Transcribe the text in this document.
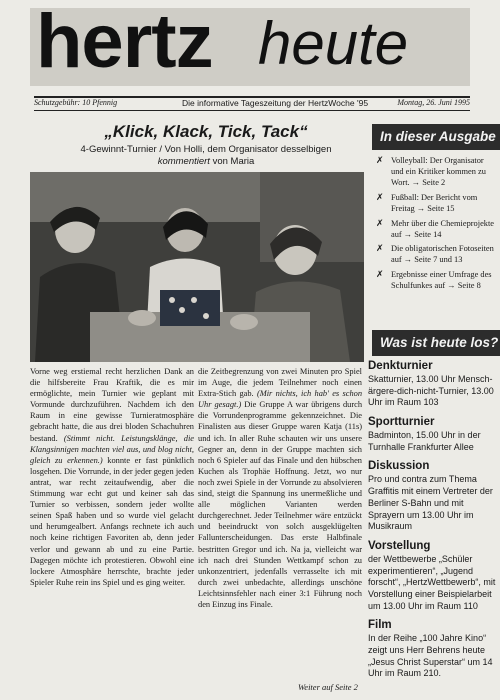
hertz heute
Schutzgebühr: 10 Pfennig	Die informative Tageszeitung der HertzWoche '95	Montag, 26. Juni 1995
„Klick, Klack, Tick, Tack“
4-Gewinnt-Turnier / Von Holli, dem Organisator desselbigen
kommentiert von Maria

Vorne weg erstiemal recht herzlichen Dank an die hilfsbereite Frau Kraftik, die es mir ermöglichte, mein Turnier wie geplant mit Vormunde durchzuführen. Nachdem ich den Raum in eine gewisse Turnieratmosphäre gebracht hatte, die aus drei bloden Schachuhren bestand. (Stimmt nicht. Leistungsklänge, die Klangsinnigen machten viel aus, und blog nicht, gleich zu erkennen.) konnte er fast pünktlich losgehen. Die Vorrunde, in der jeder gegen jeden antrat, war recht zeitaufwendig, aber die Stimmung war echt gut und keiner sah das Turnier so verbissen, sondern jeder wollte seinen Spaß haben und so wurde viel gelacht und herumgealbert. Anfangs rechnete ich auch noch keine richtigen Favoriten ab, denn jeder verlor und gewann ab und zu eine Partie. Dagegen möchte ich protestieren. Obwohl eine lockere Atmosphäre herrschte, brachte jeder Spieler Ruhe rein ins Spiel und es ging weiter.

die Zeitbegrenzung von zwei Minuten pro Spiel im Auge, die jedem Teilnehmer noch einen Extra-Stich gab. (Mir nichts, ich hab' es schon Uhr gesagt.) Die Gruppe A war übrigens durch die Vorrundenprogramme gekennzeichnet. Die Finalisten aus dieser Gruppe waren Katja (11s) und ich. In aller Ruhe schauten wir uns unsere Gegner an, denn in der Gruppe machten sich noch 6 Spieler auf das Finale und den hübschen Kuchen als Trophäe Hoffnung. Jetzt, wo nur noch zwei Spiele in der Vorrunde zu absolvieren sind, steigt die Spannung ins unermeßliche und alle möglichen Varianten werden durchgerechnet. Jeder Teilnehmer wäre entzückt und beeindruckt von solch ausgeklügelten Fallunterscheidungen. Das erste Halbfinale bestritten Gregor und ich. Na ja, vielleicht war ich nach drei Stunden Wettkampf schon zu unkonzentriert, jedenfalls verrasselte ich mit durch zwei unbedachte, allerdings unschöne Leichtsinnsfehler nach einer 3:1 Führung noch den Einzug ins Finale.

Weiter auf Seite 2
In dieser Ausgabe
✗ Volleyball: Der Organisator und ein Kritiker kommen zu Wort. → Seite 2
✗ Fußball: Der Bericht vom Freitag → Seite 15
✗ Mehr über die Chemieprojekte auf → Seite 14
✗ Die obligatorischen Fotoseiten auf → Seite 7 und 13
✗ Ergebnisse einer Umfrage des Schulfunkes auf → Seite 8
Was ist heute los?
Denkturnier

Skatturnier, 13.00 Uhr Mensch-ärgere-dich-nicht-Turnier, 13.00 Uhr im Raum 103

Sportturnier

Badminton, 15.00 Uhr in der Turnhalle Frankfurter Allee

Diskussion

Pro und contra zum Thema Graffitis mit einem Vertreter der Berliner S-Bahn und mit Sprayern um 13.00 Uhr im Musikraum

Vorstellung

der Wettbewerbe „Schüler experimentieren“, „Jugend forscht“, „HertzWettbewerb“, mit Vorstellung einer Beispielarbeit um 13.00 Uhr im Raum 110

Film

In der Reihe „100 Jahre Kino“ zeigt uns Herr Behrens heute „Jesus Christ Superstar“ um 14 Uhr im Raum 210.
